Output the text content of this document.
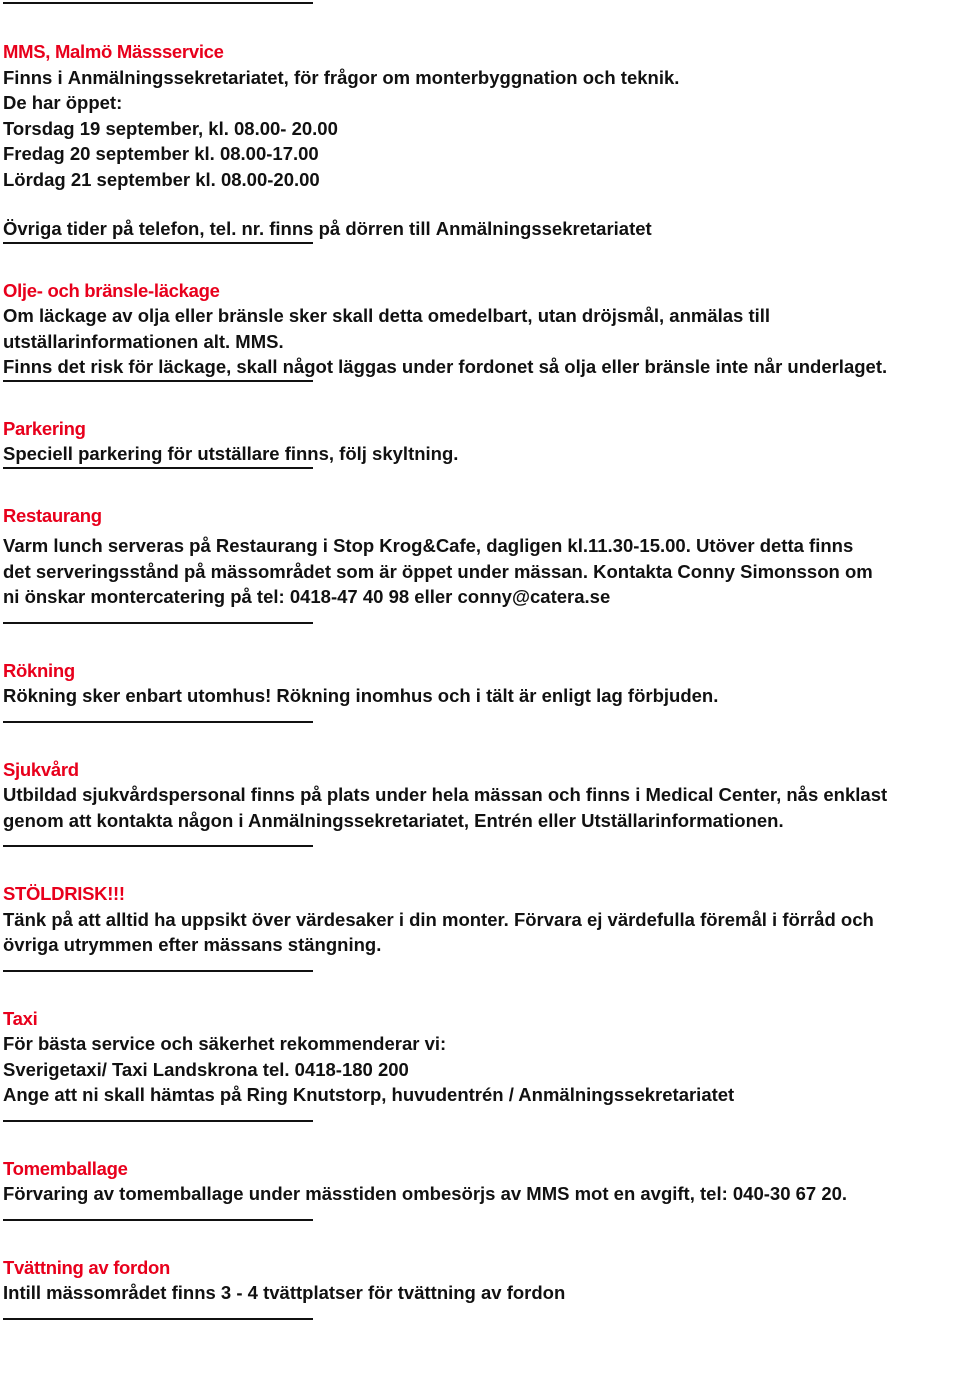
MMS, Malmö Mässservice
Finns i Anmälningssekretariatet, för frågor om monterbyggnation och teknik.
De har öppet:
Torsdag 19 september, kl. 08.00- 20.00
Fredag 20 september kl. 08.00-17.00
Lördag 21 september kl. 08.00-20.00
Övriga tider på telefon, tel. nr. finns på dörren till Anmälningssekretariatet
Olje- och bränsle-läckage
Om läckage av olja eller bränsle sker skall detta omedelbart, utan dröjsmål, anmälas till
utställarinformationen alt. MMS.
Finns det risk för läckage, skall något läggas under fordonet så olja eller bränsle inte når underlaget.
Parkering
Speciell parkering för utställare finns, följ skyltning.
Restaurang
Varm lunch serveras på Restaurang i Stop Krog&Cafe, dagligen kl.11.30-15.00. Utöver detta finns
det serveringsstånd på mässområdet som är öppet under mässan. Kontakta Conny Simonsson om
ni önskar montercatering på tel: 0418-47 40 98 eller conny@catera.se
Rökning
Rökning sker enbart utomhus! Rökning inomhus och i tält är enligt lag förbjuden.
Sjukvård
Utbildad sjukvårdspersonal finns på plats under hela mässan och finns i Medical Center, nås enklast
genom att kontakta någon i Anmälningssekretariatet, Entrén eller Utställarinformationen.
STÖLDRISK!!!
Tänk på att alltid ha uppsikt över värdesaker i din monter. Förvara ej värdefulla föremål i förråd och
övriga utrymmen efter mässans stängning.
Taxi
För bästa service och säkerhet rekommenderar vi:
Sverigetaxi/ Taxi Landskrona tel. 0418-180 200
Ange att ni skall hämtas på Ring Knutstorp, huvudentrén / Anmälningssekretariatet
Tomemballage
Förvaring av tomemballage under mässtiden ombesörjs av MMS mot en avgift, tel: 040-30 67 20.
Tvättning av fordon
Intill mässområdet finns 3 - 4 tvättplatser för tvättning av fordon
